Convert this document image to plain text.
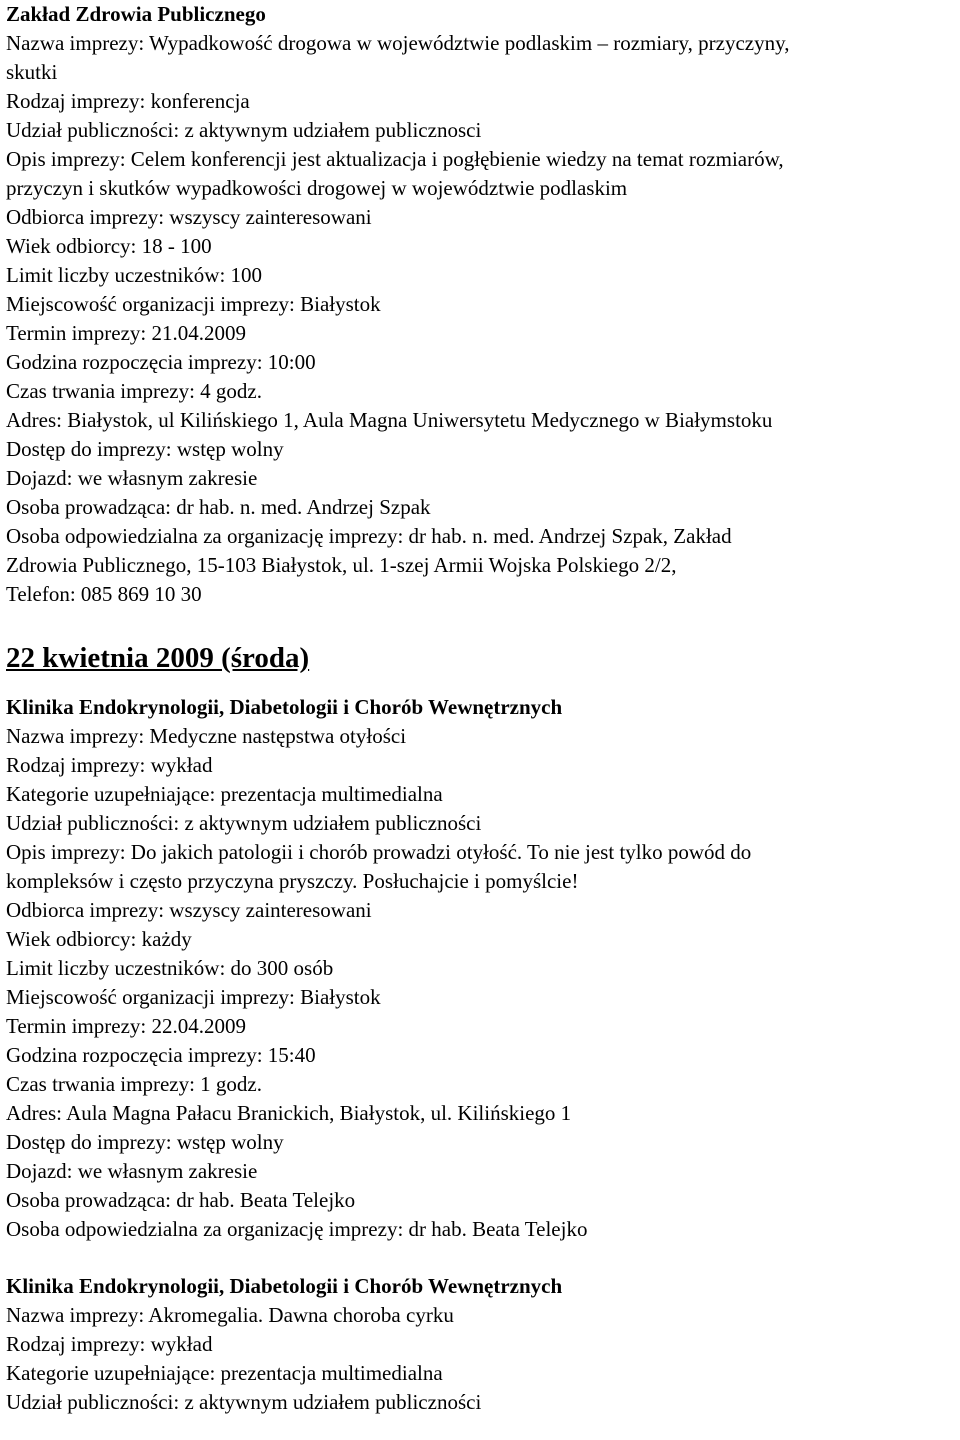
Zakład Zdrowia Publicznego
Nazwa imprezy: Wypadkowość drogowa w województwie podlaskim – rozmiary, przyczyny,
skutki
Rodzaj imprezy: konferencja
Udział publiczności: z aktywnym udziałem publicznosci
Opis imprezy: Celem konferencji jest aktualizacja i pogłębienie wiedzy na temat rozmiarów,
przyczyn i skutków wypadkowości drogowej w województwie podlaskim
Odbiorca imprezy: wszyscy zainteresowani
Wiek odbiorcy: 18 - 100
Limit liczby uczestników: 100
Miejscowość organizacji imprezy: Białystok
Termin imprezy: 21.04.2009
Godzina rozpoczęcia imprezy: 10:00
Czas trwania imprezy: 4 godz.
Adres: Białystok, ul Kilińskiego 1, Aula Magna Uniwersytetu Medycznego w Białymstoku
Dostęp do imprezy: wstęp wolny
Dojazd: we własnym zakresie
Osoba prowadząca: dr hab. n. med. Andrzej Szpak
Osoba odpowiedzialna za organizację imprezy: dr hab. n. med. Andrzej Szpak, Zakład
Zdrowia Publicznego, 15-103 Białystok, ul. 1-szej Armii Wojska Polskiego 2/2,
Telefon: 085 869 10 30
22 kwietnia 2009 (środa)
Klinika Endokrynologii, Diabetologii i Chorób Wewnętrznych
Nazwa imprezy: Medyczne następstwa otyłości
Rodzaj imprezy: wykład
Kategorie uzupełniające: prezentacja multimedialna
Udział publiczności: z aktywnym udziałem publiczności
Opis imprezy: Do jakich patologii i chorób prowadzi otyłość. To nie jest tylko powód do
kompleksów i często przyczyna pryszczy. Posłuchajcie i pomyślcie!
Odbiorca imprezy: wszyscy zainteresowani
Wiek odbiorcy: każdy
Limit liczby uczestników: do 300 osób
Miejscowość organizacji imprezy: Białystok
Termin imprezy: 22.04.2009
Godzina rozpoczęcia imprezy: 15:40
Czas trwania imprezy: 1 godz.
Adres: Aula Magna Pałacu Branickich, Białystok, ul. Kilińskiego 1
Dostęp do imprezy: wstęp wolny
Dojazd: we własnym zakresie
Osoba prowadząca: dr hab. Beata Telejko
Osoba odpowiedzialna za organizację imprezy: dr hab. Beata Telejko
Klinika Endokrynologii, Diabetologii i Chorób Wewnętrznych
Nazwa imprezy: Akromegalia. Dawna choroba cyrku
Rodzaj imprezy: wykład
Kategorie uzupełniające: prezentacja multimedialna
Udział publiczności: z aktywnym udziałem publiczności
